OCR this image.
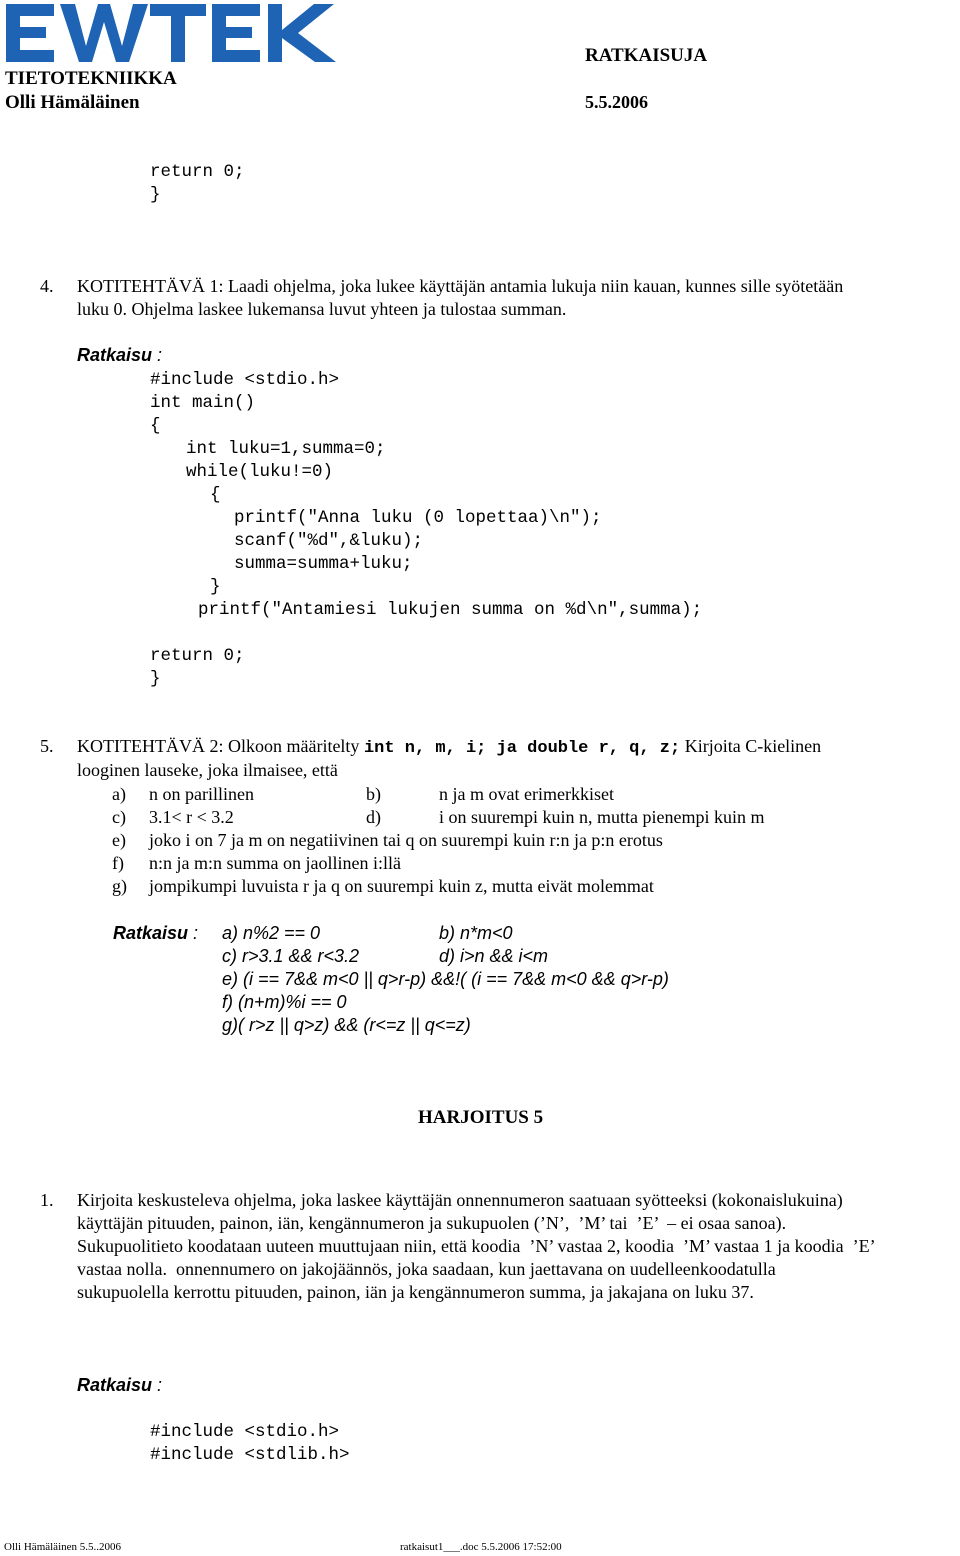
TIETOTEKNIIKKA
Olli Hämäläinen
RATKAISUJA
5.5.2006
return 0;
}
4. KOTITEHTÄVÄ 1: Laadi ohjelma, joka lukee käyttäjän antamia lukuja niin kauan, kunnes sille syötetään
luku 0. Ohjelma laskee lukemansa luvut yhteen ja tulostaa summan.
Ratkaisu :
#include <stdio.h>
int main()
{
int luku=1,summa=0;
while(luku!=0)
{
printf("Anna luku (0 lopettaa)\n");
scanf("%d",&luku);
summa=summa+luku;
}
printf("Antamiesi lukujen summa on %d\n",summa);
return 0;
}
5. KOTITEHTÄVÄ 2: Olkoon määritelty int n, m, i; ja double r, q, z; Kirjoita C-kielinen
looginen lauseke, joka ilmaisee, että
a) n on parillinen	b)	n ja m ovat erimerkkiset
c) 3.1< r < 3.2	d)	i on suurempi kuin n, mutta pienempi kuin m
e) joko i on 7 ja m on negatiivinen tai q on suurempi kuin r:n ja p:n erotus
f) n:n ja m:n summa on jaollinen i:llä
g) jompikumpi luvuista r ja q on suurempi kuin z, mutta eivät molemmat
Ratkaisu : a) n%2 == 0	b) n*m<0
c) r>3.1 && r<3.2	d) i>n && i<m
e) (i == 7&& m<0 || q>r-p) &&!( (i == 7&& m<0 && q>r-p)
f) (n+m)%i == 0
g)( r>z || q>z) && (r<=z || q<=z)
HARJOITUS 5
1. Kirjoita keskusteleva ohjelma, joka laskee käyttäjän onnennumeron saatuaan syötteeksi (kokonaislukuina)
käyttäjän pituuden, painon, iän, kengännumeron ja sukupuolen (’N’,  ’M’ tai  ’E’  – ei osaa sanoa).
Sukupuolitieto koodataan uuteen muuttujaan niin, että koodia  ’N’ vastaa 2, koodia  ’M’ vastaa 1 ja koodia  ’E’
vastaa nolla.  onnennumero on jakojäännös, joka saadaan, kun jaettavana on uudelleenkoodatulla
sukupuolella kerrottu pituuden, painon, iän ja kengännumeron summa, ja jakajana on luku 37.
Ratkaisu :
#include <stdio.h>
#include <stdlib.h>
Olli Hämäläinen 5.5..2006	ratkaisut1___.doc 5.5.2006 17:52:00
